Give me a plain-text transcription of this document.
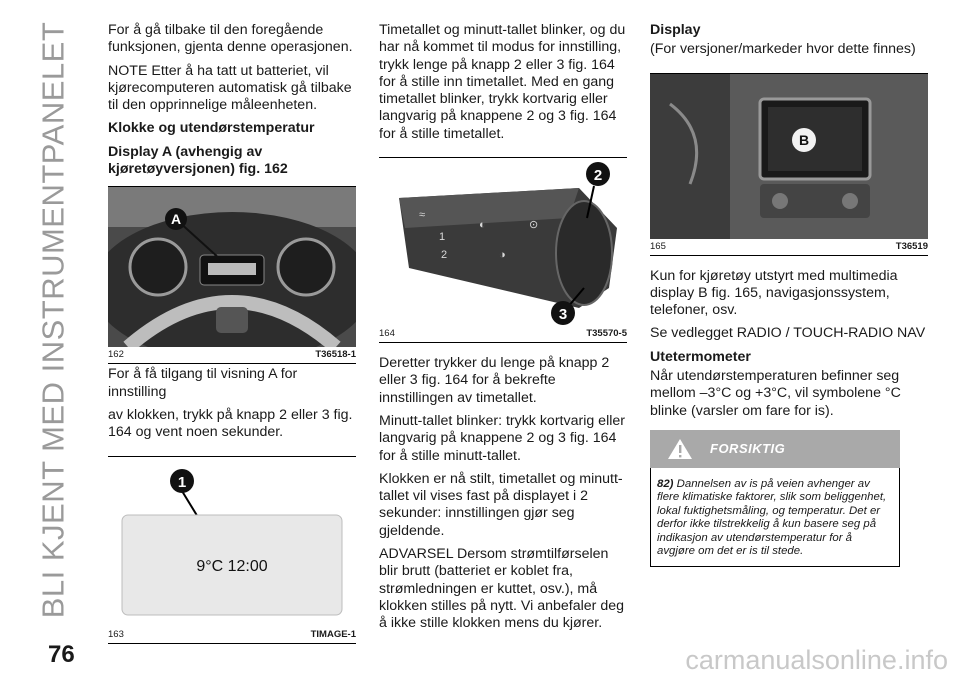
BLI KJENT MED INSTRUMENTPANELET	For å gå tilbake til den foregående funksjonen, gjenta denne operasjonen.

NOTE Etter å ha tatt ut batteriet, vil kjørecomputeren automatisk gå tilbake til den opprinnelige måleenheten.

Klokke og utendørstemperatur
Display A (avhengig av kjøretøyversjonen) fig. 162
A
162	T36518-1

For å få tilgang til visning A for innstilling

av klokken, trykk på knapp 2 eller 3 fig. 164 og vent noen sekunder.

1
9°C 12:00
163	TIMAGE-1

Timetallet og minutt-tallet blinker, og du har nå kommet til modus for innstilling, trykk lenge på knapp 2 eller 3 fig. 164 for å stille inn timetallet. Med en gang timetallet blinker, trykk kortvarig eller langvarig på knappene 2 og 3 fig. 164 for å stille timetallet.

≈
1
2
◐
◑
⊙
2
3
164	T35570-5

Deretter trykker du lenge på knapp 2 eller 3 fig. 164 for å bekrefte innstillingen av timetallet.

Minutt-tallet blinker: trykk kortvarig eller langvarig på knappene 2 og 3 fig. 164 for å stille minutt-tallet.

Klokken er nå stilt, timetallet og minutt-tallet vil vises fast på displayet i 2 sekunder: innstillingen gjør seg gjeldende.

ADVARSEL Dersom strømtilførselen blir brutt (batteriet er koblet fra, strømledningen er kuttet, osv.), må klokken stilles på nytt. Vi anbefaler deg å ikke stille klokken mens du kjører.

Display

(For versjoner/markeder hvor dette finnes)

B
165	T36519

Kun for kjøretøy utstyrt med multimedia display B fig. 165, navigasjonssystem, telefoner, osv.

Se vedlegget RADIO / TOUCH-RADIO NAV

Utetermometer

Når utendørstemperaturen befinner seg mellom –3°C og +3°C, vil symbolene °C blinke (varsler om fare for is).

FORSIKTIG
82) Dannelsen av is på veien avhenger av flere klimatiske faktorer, slik som beliggenhet, lokal fuktighetsmåling, og temperatur. Det er derfor ikke tilstrekkelig å kun basere seg på indikasjon av utendørstemperatur for å avgjøre om det er is til stede.
76	carmanualsonline.info
